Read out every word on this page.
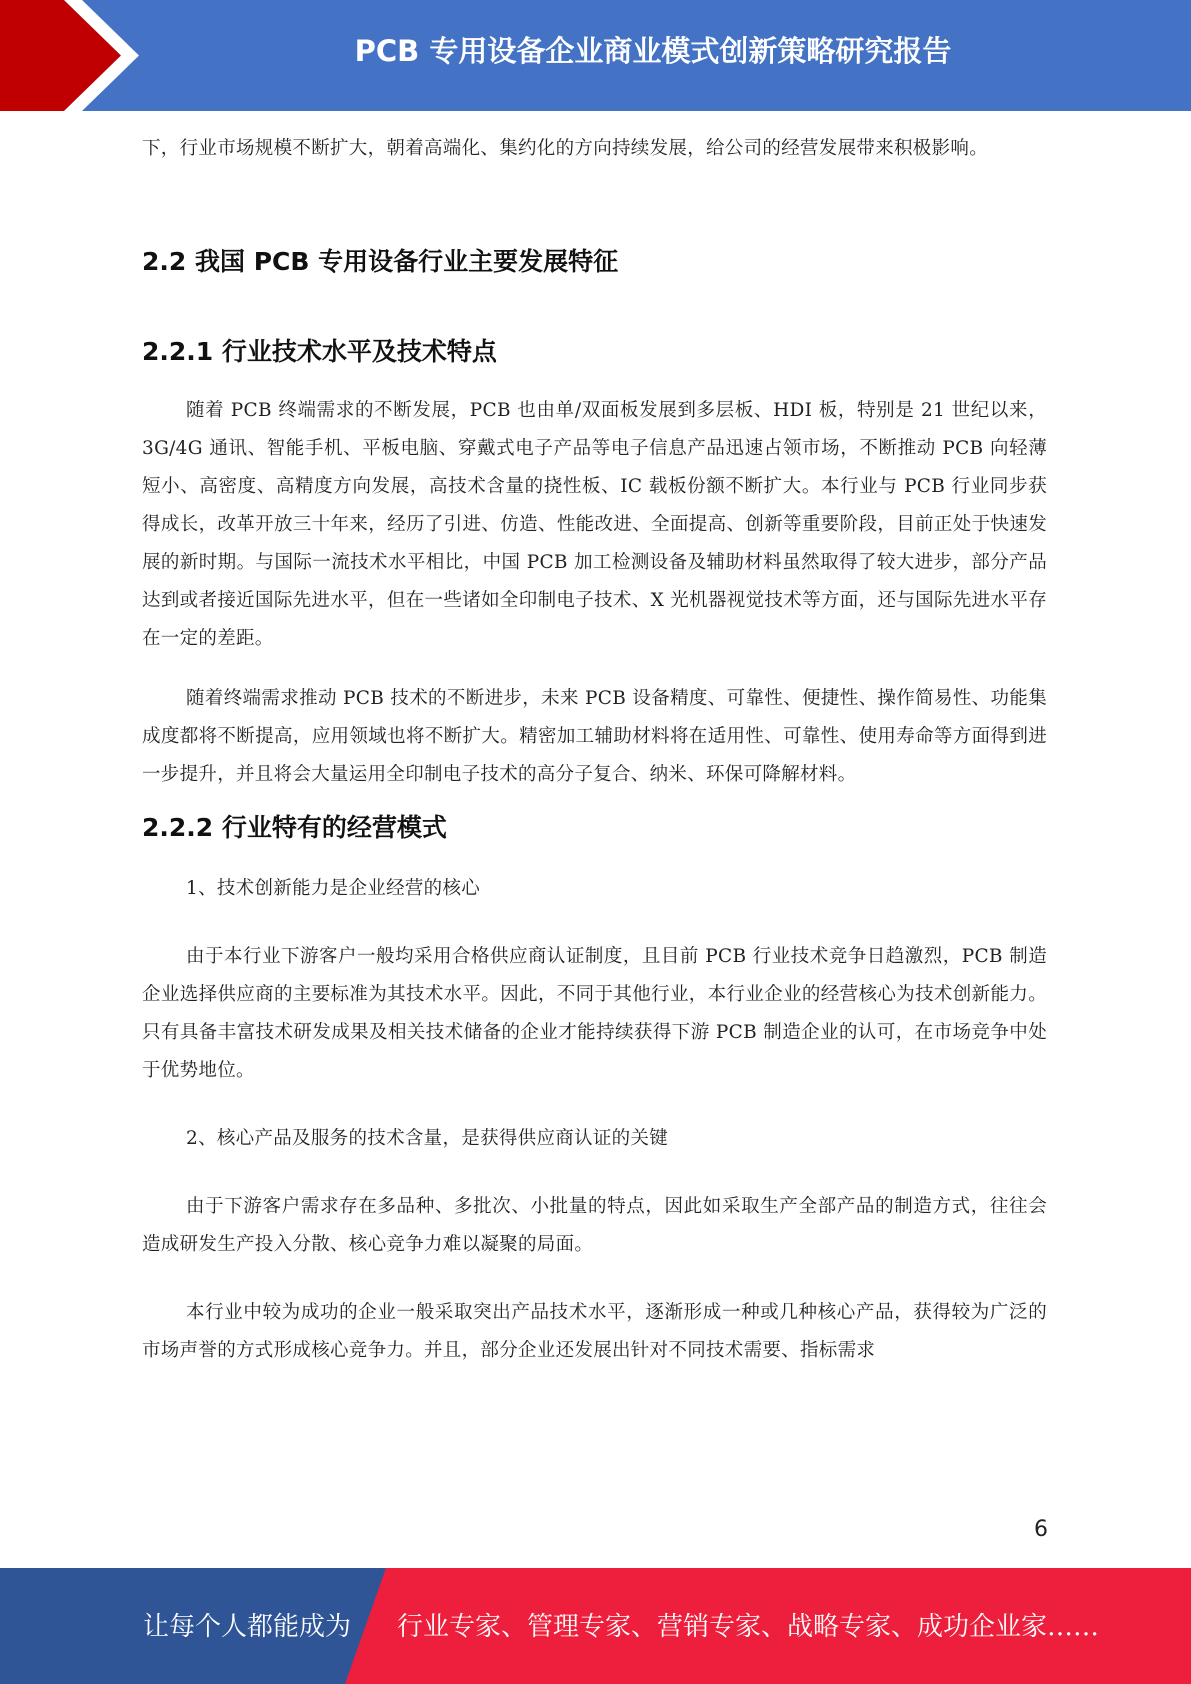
PCB 专用设备企业商业模式创新策略研究报告

下，行业市场规模不断扩大，朝着高端化、集约化的方向持续发展，给公司的经营发展带来积极影响。

2.2 我国 PCB 专用设备行业主要发展特征
2.2.1 行业技术水平及技术特点

随着 PCB 终端需求的不断发展，PCB 也由单/双面板发展到多层板、HDI 板，特别是 21 世纪以来，3G/4G 通讯、智能手机、平板电脑、穿戴式电子产品等电子信息产品迅速占领市场，不断推动 PCB 向轻薄短小、高密度、高精度方向发展，高技术含量的挠性板、IC 载板份额不断扩大。本行业与 PCB 行业同步获得成长，改革开放三十年来，经历了引进、仿造、性能改进、全面提高、创新等重要阶段，目前正处于快速发展的新时期。与国际一流技术水平相比，中国 PCB 加工检测设备及辅助材料虽然取得了较大进步，部分产品达到或者接近国际先进水平，但在一些诸如全印制电子技术、X 光机器视觉技术等方面，还与国际先进水平存在一定的差距。

随着终端需求推动 PCB 技术的不断进步，未来 PCB 设备精度、可靠性、便捷性、操作简易性、功能集成度都将不断提高，应用领域也将不断扩大。精密加工辅助材料将在适用性、可靠性、使用寿命等方面得到进一步提升，并且将会大量运用全印制电子技术的高分子复合、纳米、环保可降解材料。

2.2.2 行业特有的经营模式

1、技术创新能力是企业经营的核心

由于本行业下游客户一般均采用合格供应商认证制度，且目前 PCB 行业技术竞争日趋激烈，PCB 制造企业选择供应商的主要标准为其技术水平。因此，不同于其他行业，本行业企业的经营核心为技术创新能力。只有具备丰富技术研发成果及相关技术储备的企业才能持续获得下游 PCB 制造企业的认可，在市场竞争中处于优势地位。

2、核心产品及服务的技术含量，是获得供应商认证的关键

由于下游客户需求存在多品种、多批次、小批量的特点，因此如采取生产全部产品的制造方式，往往会造成研发生产投入分散、核心竞争力难以凝聚的局面。

本行业中较为成功的企业一般采取突出产品技术水平，逐渐形成一种或几种核心产品，获得较为广泛的市场声誉的方式形成核心竞争力。并且，部分企业还发展出针对不同技术需要、指标需求

6
让每个人都能成为 行业专家、管理专家、营销专家、战略专家、成功企业家……
